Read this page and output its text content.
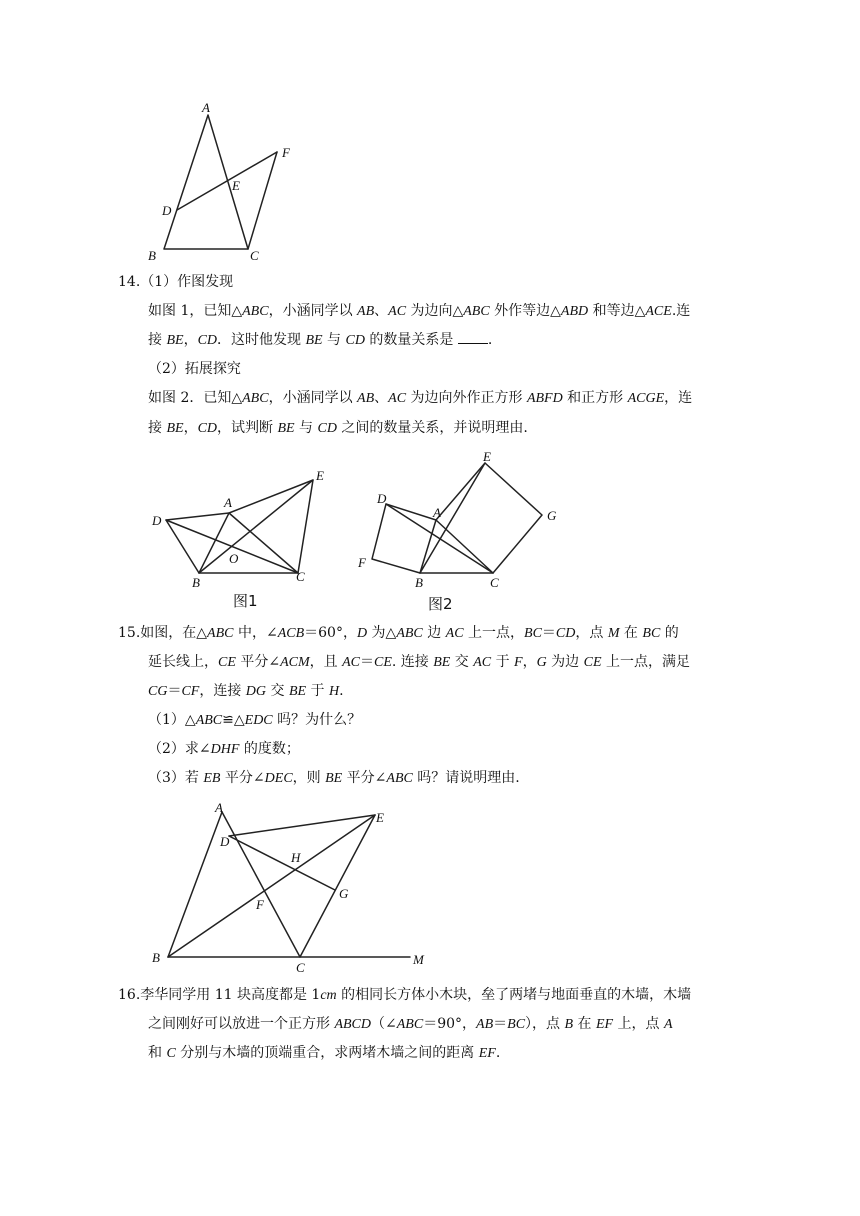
A
B	C
D
E
F
14.（1）作图发现
如图 1，已知△ABC，小涵同学以 AB、AC 为边向△ABC 外作等边△ABD 和等边△ACE.连
接 BE，CD．这时他发现 BE 与 CD 的数量关系是 .
（2）拓展探究
如图 2．已知△ABC，小涵同学以 AB、AC 为边向外作正方形 ABFD 和正方形 ACGE，连
接 BE，CD，试判断 BE 与 CD 之间的数量关系，并说明理由.
A
B	C
D
E
O
图1
A
B	C
D
E
F
G
图2
15.如图，在△ABC 中，∠ACB＝60°，D 为△ABC 边 AC 上一点，BC＝CD，点 M 在 BC 的
延长线上，CE 平分∠ACM，且 AC＝CE. 连接 BE 交 AC 于 F，G 为边 CE 上一点，满足
CG＝CF，连接 DG 交 BE 于 H.
（1）△ABC≌△EDC 吗？为什么？
（2）求∠DHF 的度数；
（3）若 EB 平分∠DEC，则 BE 平分∠ABC 吗？请说明理由.
A
B
C
D
E
F
G
H
M
16.李华同学用 11 块高度都是 1cm 的相同长方体小木块，垒了两堵与地面垂直的木墙，木墙
之间刚好可以放进一个正方形 ABCD（∠ABC＝90°，AB＝BC），点 B 在 EF 上，点 A
和 C 分别与木墙的顶端重合，求两堵木墙之间的距离 EF.
